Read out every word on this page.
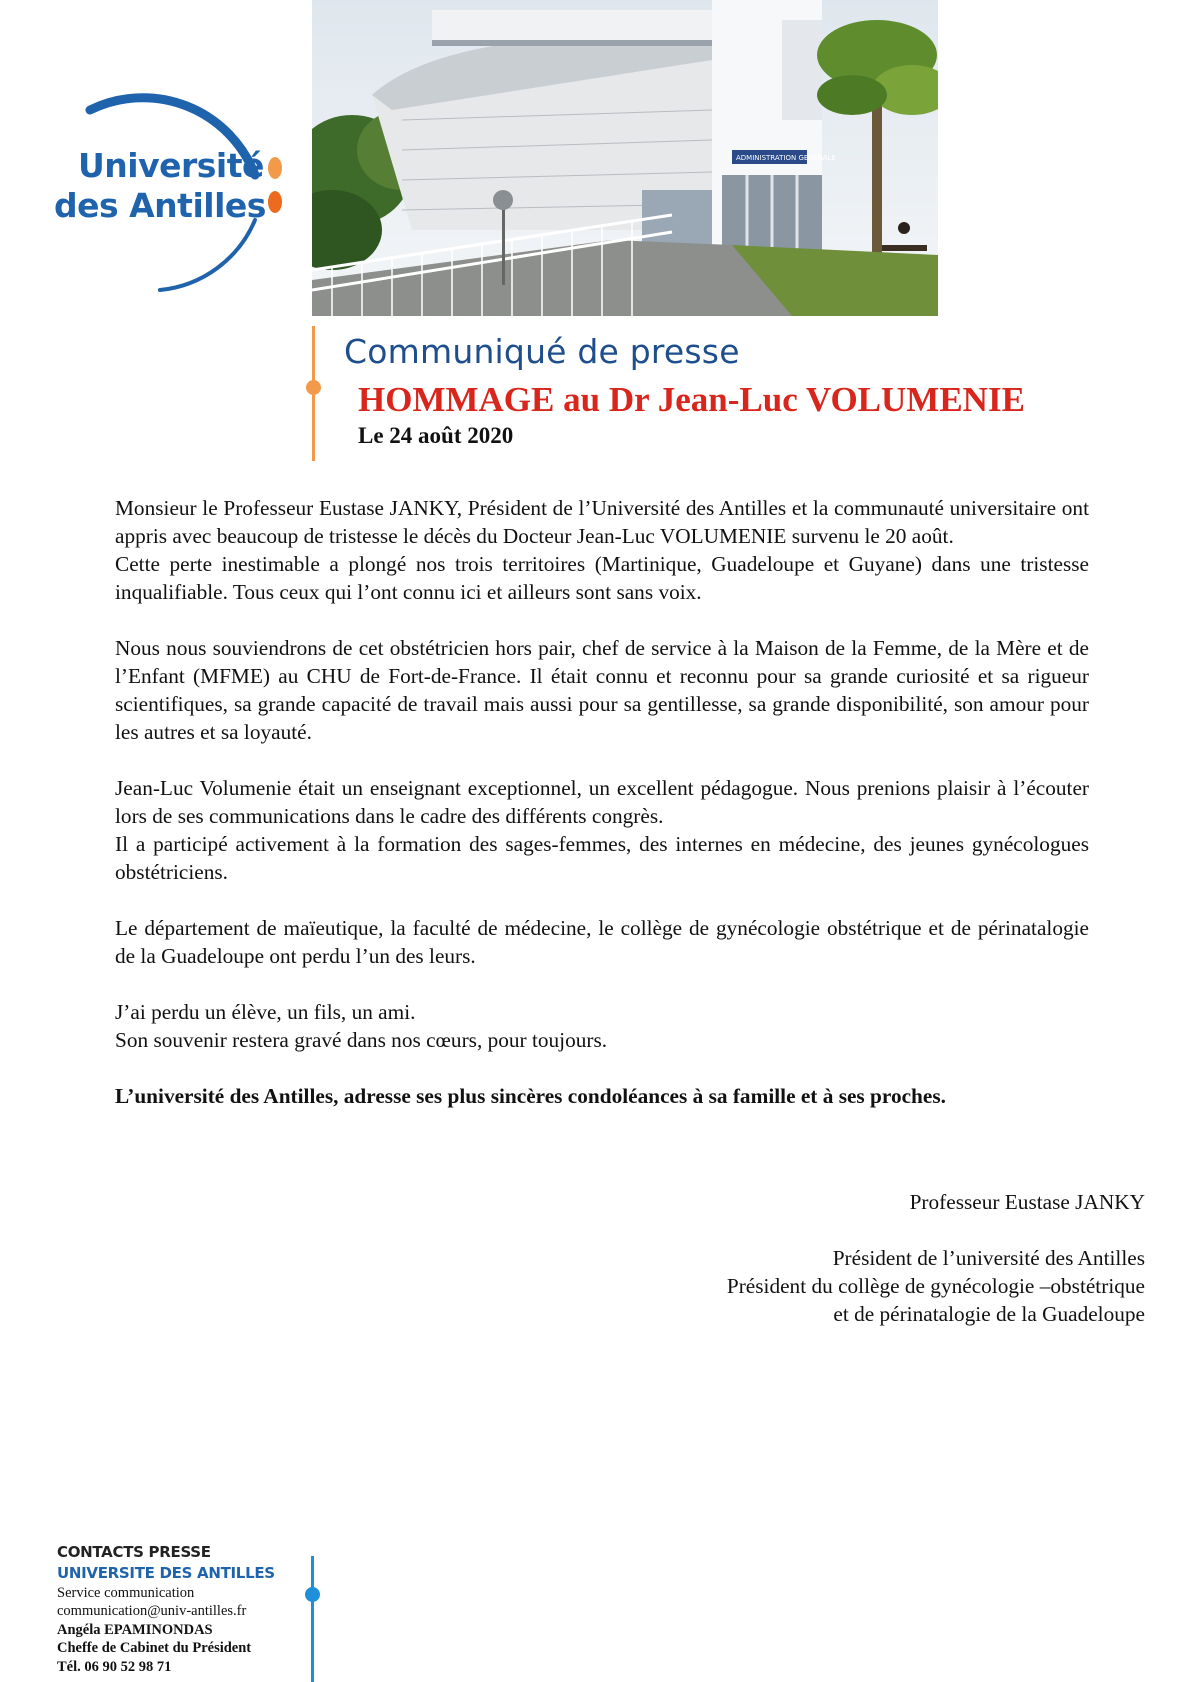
Université
des Antilles
ADMINISTRATION GENERALE
Communiqué de presse
HOMMAGE au Dr Jean-Luc VOLUMENIE
Le 24 août 2020

Monsieur le Professeur Eustase JANKY, Président de l’Université des Antilles et la communauté universitaire ont appris avec beaucoup de tristesse le décès du Docteur Jean-Luc VOLUMENIE survenu le 20 août.

Cette perte inestimable a plongé nos trois territoires (Martinique, Guadeloupe et Guyane) dans une tristesse inqualifiable. Tous ceux qui l’ont connu ici et ailleurs sont sans voix.

Nous nous souviendrons de cet obstétricien hors pair, chef de service à la Maison de la Femme, de la Mère et de l’Enfant (MFME) au CHU de Fort-de-France. Il était connu et reconnu pour sa grande curiosité et sa rigueur scientifiques, sa grande capacité de travail mais aussi pour sa gentillesse, sa grande disponibilité, son amour pour les autres et sa loyauté.

Jean-Luc Volumenie était un enseignant exceptionnel, un excellent pédagogue. Nous prenions plaisir à l’écouter lors de ses communications dans le cadre des différents congrès.

Il a participé activement à la formation des sages-femmes, des internes en médecine, des jeunes gynécologues obstétriciens.

Le département de maïeutique, la faculté de médecine, le collège de gynécologie obstétrique et de périnatalogie de la Guadeloupe ont perdu l’un des leurs.

J’ai perdu un élève, un fils, un ami.

Son souvenir restera gravé dans nos cœurs, pour toujours.

L’université des Antilles, adresse ses plus sincères condoléances à sa famille et à ses proches.

Professeur Eustase JANKY

Président de l’université des Antilles

Président du collège de gynécologie –obstétrique

et de périnatalogie de la Guadeloupe

CONTACTS PRESSE
UNIVERSITE DES ANTILLES
Service communication
communication@univ-antilles.fr
Angéla EPAMINONDAS
Cheffe de Cabinet du Président
Tél. 06 90 52 98 71
